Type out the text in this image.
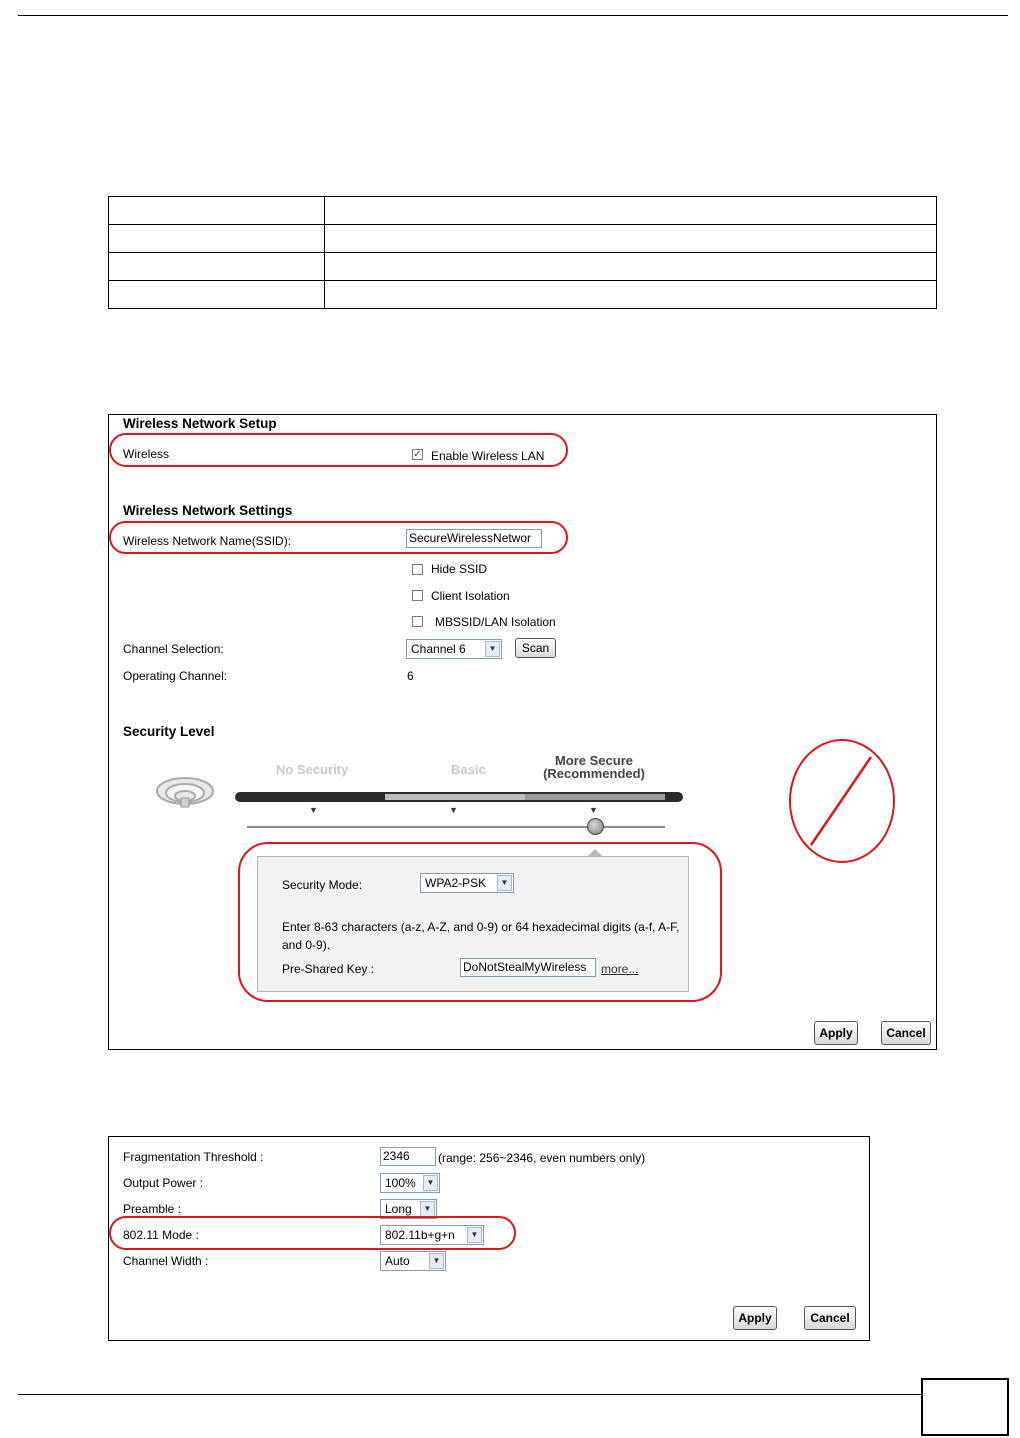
Wireless Network Setup
Wireless	✓ Enable Wireless LAN
Wireless Network Settings
Wireless Network Name(SSID):	SecureWirelessNetwor
Hide SSID
Client Isolation
MBSSID/LAN Isolation
Channel Selection:	Channel 6	▼	Scan
Operating Channel:	6
Security Level
No Security	Basic
More Secure
(Recommended)
▼	▼	▼
Security Mode:	WPA2-PSK	▼
Enter 8-63 characters (a-z, A-Z, and 0-9) or 64 hexadecimal digits (a-f, A-F, and 0-9).
Pre-Shared Key :	DoNotStealMyWireless	more...
Apply	Cancel
Fragmentation Threshold :	2346	(range: 256~2346, even numbers only)
Output Power :	100%	▼
Preamble :	Long	▼
802.11 Mode :	802.11b+g+n	▼
Channel Width :	Auto	▼
Apply	Cancel
